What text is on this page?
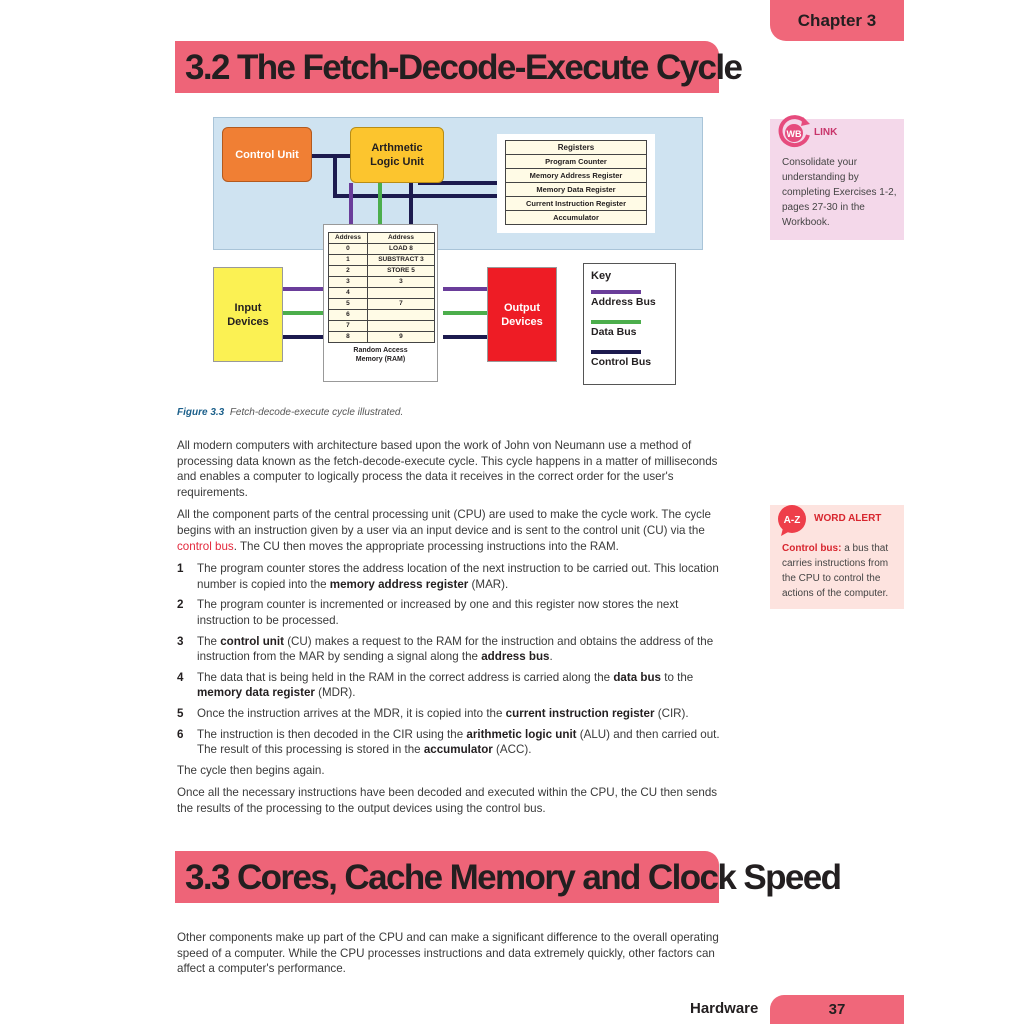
Chapter 3
3.2 The Fetch-Decode-Execute Cycle
Control Unit
Arthmetic
Logic Unit
Registers
Program Counter
Memory Address Register
Memory Data Register
Current Instruction Register
Accumulator
Address	Address
0	LOAD 8
1	SUBSTRACT 3
2	STORE 5
3	3
4	
5	7
6	
7	
8	9
Random Access
Memory (RAM)
Input
Devices
Output
Devices
Key
Address Bus
Data Bus
Control Bus
Figure 3.3 Fetch-decode-execute cycle illustrated.

All modern computers with architecture based upon the work of John von Neumann use a method of processing data known as the fetch-decode-execute cycle. This cycle happens in a matter of milliseconds and enables a computer to logically process the data it receives in the correct order for the user's requirements.

All the component parts of the central processing unit (CPU) are used to make the cycle work. The cycle begins with an instruction given by a user via an input device and is sent to the control unit (CU) via the control bus. The CU then moves the appropriate processing instructions into the RAM.

1 The program counter stores the address location of the next instruction to be carried out. This location number is copied into the memory address register (MAR).
2 The program counter is incremented or increased by one and this register now stores the next instruction to be processed.
3 The control unit (CU) makes a request to the RAM for the instruction and obtains the address of the instruction from the MAR by sending a signal along the address bus.
4 The data that is being held in the RAM in the correct address is carried along the data bus to the memory data register (MDR).
5 Once the instruction arrives at the MDR, it is copied into the current instruction register (CIR).
6 The instruction is then decoded in the CIR using the arithmetic logic unit (ALU) and then carried out. The result of this processing is stored in the accumulator (ACC).

The cycle then begins again.

Once all the necessary instructions have been decoded and executed within the CPU, the CU then sends the results of the processing to the output devices using the control bus.

3.3 Cores, Cache Memory and Clock Speed

Other components make up part of the CPU and can make a significant difference to the overall operating speed of a computer. While the CPU processes instructions and data extremely quickly, other factors can affect a computer's performance.

WB LINK
Consolidate your understanding by completing Exercises 1-2, pages 27-30 in the Workbook.
A-Z WORD ALERT
Control bus: a bus that carries instructions from the CPU to control the actions of the computer.
Hardware	37
